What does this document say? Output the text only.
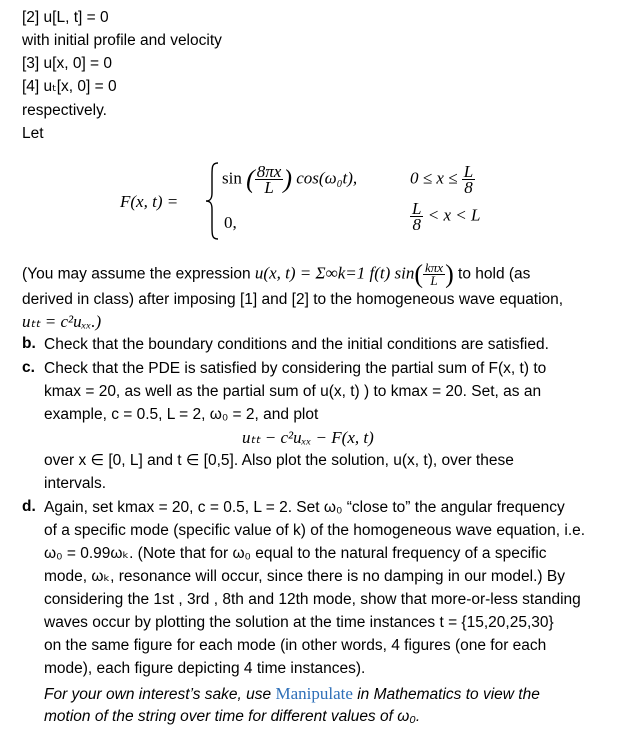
[2] u[L, t] = 0
with initial profile and velocity
[3] u[x, 0] = 0
[4] uₜ[x, 0] = 0
respectively.
Let
F(x, t) =
sin ( $\frac{8\pi x}{L}$ ) cos(ω₀t),	$0 \le x \le \frac{L}{8}$
0,	$\frac{L}{8} < x < L$
(You may assume the expression u(x, t) = Σ∞k=1 f(t) $\sin( \frac{\text{kπx}}{L}$ ) to hold (as
derived in class) after imposing [1] and [2] to the homogeneous wave equation,
uₜₜ = c²uₓₓ.)
b. Check that the boundary conditions and the initial conditions are satisfied.
c. Check that the PDE is satisfied by considering the partial sum of F(x, t) to
kmax = 20, as well as the partial sum of u(x, t) ) to kmax = 20. Set, as an
example, c = 0.5, L = 2, ω₀ = 2, and plot
uₜₜ − c²uₓₓ − F(x, t)
over x ∈ [0, L] and t ∈ [0,5]. Also plot the solution, u(x, t), over these
intervals.
d. Again, set kmax = 20, c = 0.5, L = 2. Set ω₀ “close to” the angular frequency
of a specific mode (specific value of k) of the homogeneous wave equation, i.e.
ω₀ = 0.99ωₖ. (Note that for ω₀ equal to the natural frequency of a specific
mode, ωₖ, resonance will occur, since there is no damping in our model.) By
considering the 1st , 3rd , 8th and 12th mode, show that more-or-less standing
waves occur by plotting the solution at the time instances t = {15,20,25,30}
on the same figure for each mode (in other words, 4 figures (one for each
mode), each figure depicting 4 time instances).
For your own interest’s sake, use Manipulate in Mathematics to view the
motion of the string over time for different values of ω₀.
